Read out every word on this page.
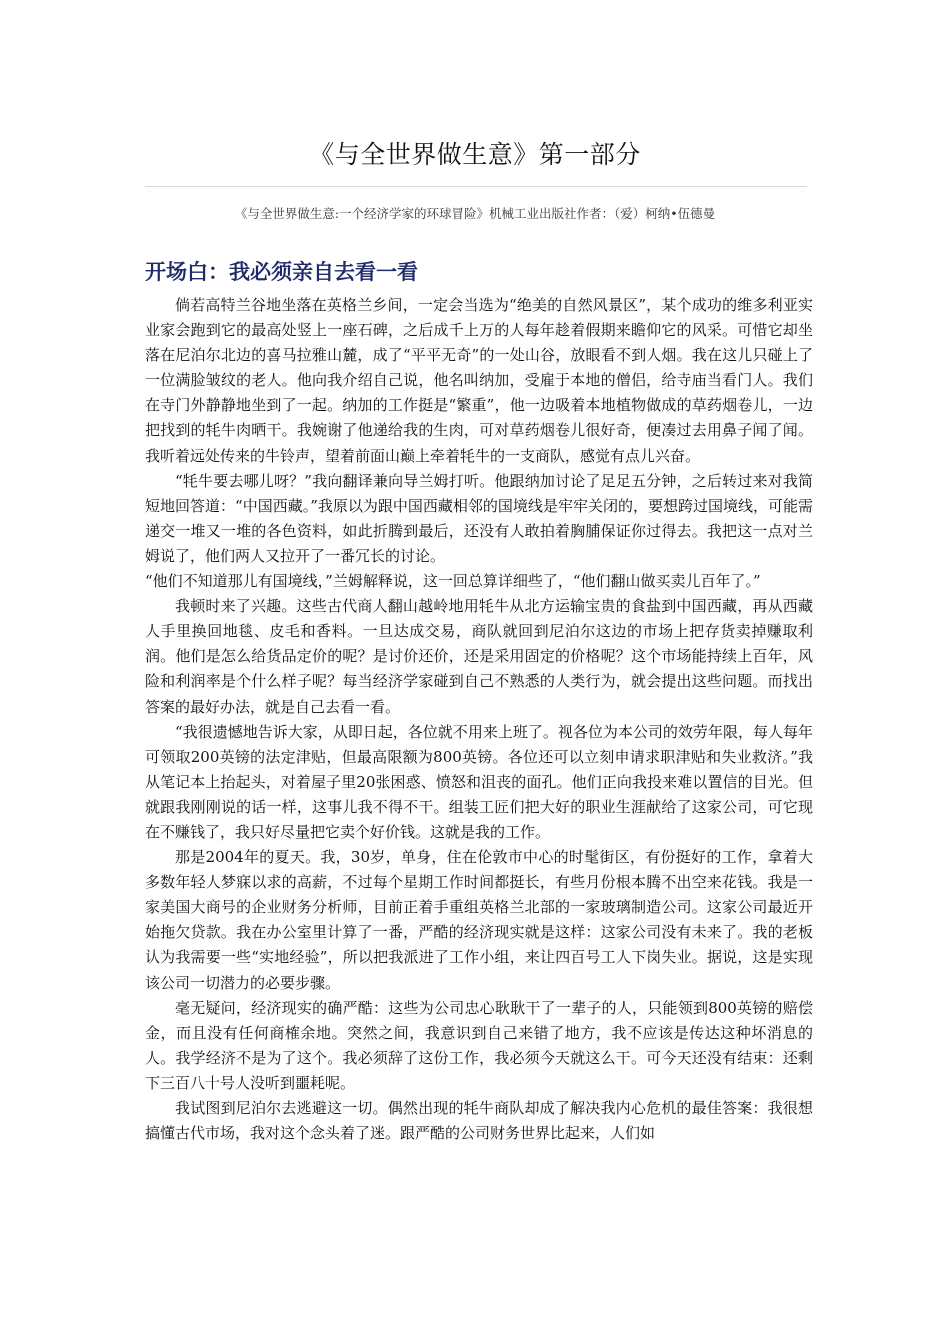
《与全世界做生意》第一部分

《与全世界做生意:一个经济学家的环球冒险》机械工业出版社作者：（爱）柯纳•伍德曼

开场白：我必须亲自去看一看

倘若高特兰谷地坐落在英格兰乡间，一定会当选为“绝美的自然风景区”，某个成功的维多利亚实业家会跑到它的最高处竖上一座石碑，之后成千上万的人每年趁着假期来瞻仰它的风采。可惜它却坐落在尼泊尔北边的喜马拉雅山麓，成了“平平无奇”的一处山谷，放眼看不到人烟。我在这儿只碰上了一位满脸皱纹的老人。他向我介绍自己说，他名叫纳加，受雇于本地的僧侣，给寺庙当看门人。我们在寺门外静静地坐到了一起。纳加的工作挺是“繁重”，他一边吸着本地植物做成的草药烟卷儿，一边把找到的牦牛肉晒干。我婉谢了他递给我的生肉，可对草药烟卷儿很好奇，便凑过去用鼻子闻了闻。我听着远处传来的牛铃声，望着前面山巅上牵着牦牛的一支商队，感觉有点儿兴奋。

“牦牛要去哪儿呀？”我向翻译兼向导兰姆打听。他跟纳加讨论了足足五分钟，之后转过来对我简短地回答道：“中国西藏。”我原以为跟中国西藏相邻的国境线是牢牢关闭的，要想跨过国境线，可能需递交一堆又一堆的各色资料，如此折腾到最后，还没有人敢拍着胸脯保证你过得去。我把这一点对兰姆说了，他们两人又拉开了一番冗长的讨论。

“他们不知道那儿有国境线，”兰姆解释说，这一回总算详细些了，“他们翻山做买卖儿百年了。”

我顿时来了兴趣。这些古代商人翻山越岭地用牦牛从北方运输宝贵的食盐到中国西藏，再从西藏人手里换回地毯、皮毛和香料。一旦达成交易，商队就回到尼泊尔这边的市场上把存货卖掉赚取利润。他们是怎么给货品定价的呢？是讨价还价，还是采用固定的价格呢？这个市场能持续上百年，风险和利润率是个什么样子呢？每当经济学家碰到自己不熟悉的人类行为，就会提出这些问题。而找出答案的最好办法，就是自己去看一看。

“我很遗憾地告诉大家，从即日起，各位就不用来上班了。视各位为本公司的效劳年限，每人每年可领取200英镑的法定津贴，但最高限额为800英镑。各位还可以立刻申请求职津贴和失业救济。”我从笔记本上抬起头，对着屋子里20张困惑、愤怒和沮丧的面孔。他们正向我投来难以置信的目光。但就跟我刚刚说的话一样，这事儿我不得不干。组装工匠们把大好的职业生涯献给了这家公司，可它现在不赚钱了，我只好尽量把它卖个好价钱。这就是我的工作。

那是2004年的夏天。我，30岁，单身，住在伦敦市中心的时髦街区，有份挺好的工作，拿着大多数年轻人梦寐以求的高薪，不过每个星期工作时间都挺长，有些月份根本腾不出空来花钱。我是一家美国大商号的企业财务分析师，目前正着手重组英格兰北部的一家玻璃制造公司。这家公司最近开始拖欠贷款。我在办公室里计算了一番，严酷的经济现实就是这样：这家公司没有未来了。我的老板认为我需要一些“实地经验”，所以把我派进了工作小组，来让四百号工人下岗失业。据说，这是实现该公司一切潜力的必要步骤。

毫无疑问，经济现实的确严酷：这些为公司忠心耿耿干了一辈子的人，只能领到800英镑的赔偿金，而且没有任何商榷余地。突然之间，我意识到自己来错了地方，我不应该是传达这种坏消息的人。我学经济不是为了这个。我必须辞了这份工作，我必须今天就这么干。可今天还没有结束：还剩下三百八十号人没听到噩耗呢。

我试图到尼泊尔去逃避这一切。偶然出现的牦牛商队却成了解决我内心危机的最佳答案：我很想搞懂古代市场，我对这个念头着了迷。跟严酷的公司财务世界比起来，人们如
